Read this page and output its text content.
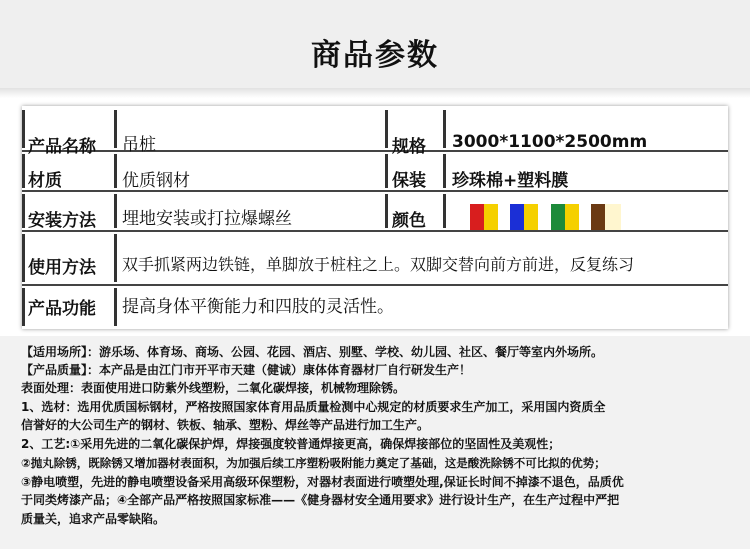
商品参数
产品名称 吊桩	规格 3000*1100*2500mm
材质	优质钢材	保装 珍珠棉+塑料膜
安装方法 埋地安装或打拉爆螺丝	颜色
使用方法 双手抓紧两边铁链，单脚放于桩柱之上。双脚交替向前方前进，反复练习
产品功能 提高身体平衡能力和四肢的灵活性。

【适用场所】：游乐场、体育场、商场、公园、花园、酒店、别墅、学校、幼儿园、社区、餐厅等室内外场所。

【产品质量】：本产品是由江门市开平市天建（健诚）康体体育器材厂自行研发生产！

表面处理：表面使用进口防紫外线塑粉，二氧化碳焊接，机械物理除锈。

1、选材：选用优质国标钢材，严格按照国家体育用品质量检测中心规定的材质要求生产加工，采用国内资质全

信誉好的大公司生产的钢材、铁板、轴承、塑粉、焊丝等产品进行加工生产。

2、工艺:①采用先进的二氧化碳保护焊，焊接强度较普通焊接更高，确保焊接部位的坚固性及美观性；

②抛丸除锈，既除锈又增加器材表面积，为加强后续工序塑粉吸附能力奠定了基础，这是酸洗除锈不可比拟的优势；

③静电喷塑，先进的静电喷塑设备采用高级环保塑粉，对器材表面进行喷塑处理,保证长时间不掉漆不退色，品质优

于同类烤漆产品；④全部产品严格按照国家标准——《健身器材安全通用要求》进行设计生产，在生产过程中严把

质量关，追求产品零缺陷。
